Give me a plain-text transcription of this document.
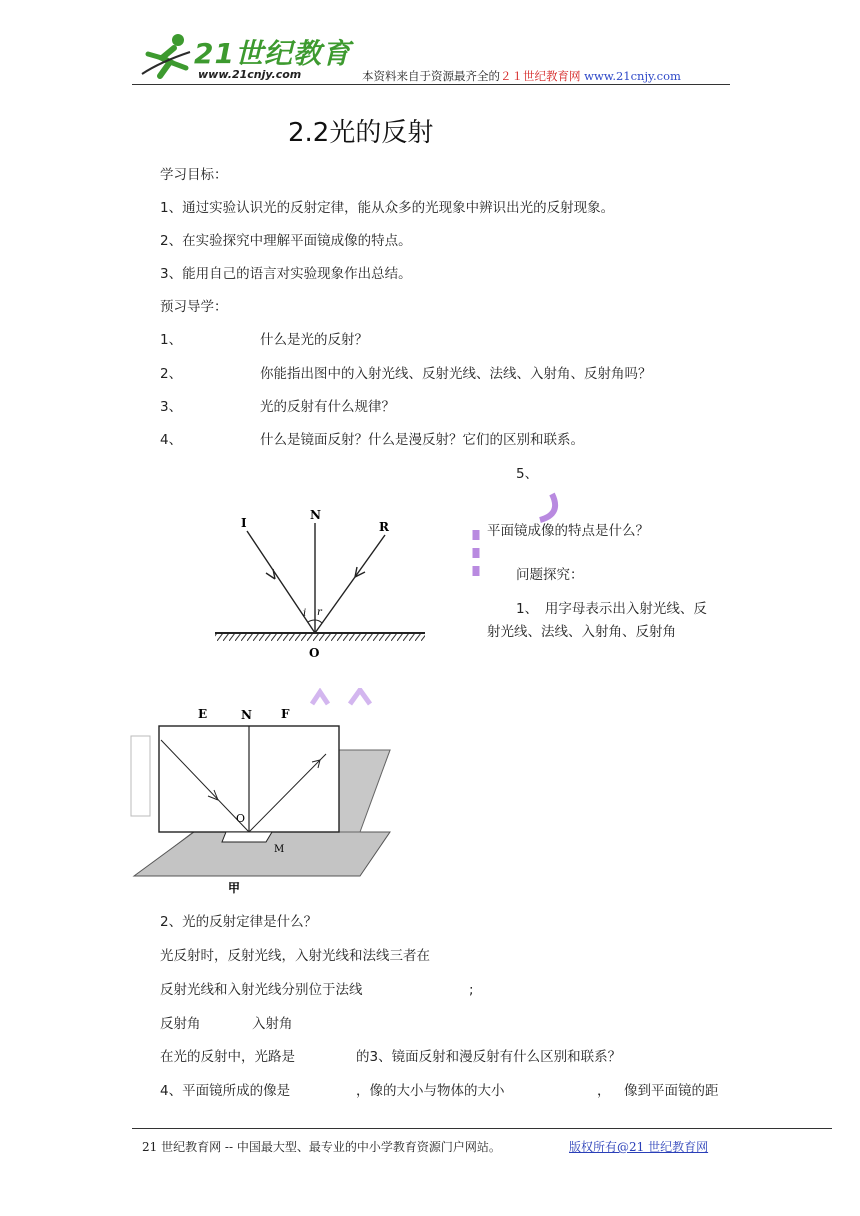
21世纪教育
www.21cnjy.com	本资料来自于资源最齐全的２１世纪教育网 www.21cnjy.com
2.2光的反射
学习目标：
1、通过实验认识光的反射定律，能从众多的光现象中辨识出光的反射现象。
2、在实验探究中理解平面镜成像的特点。
3、能用自己的语言对实验现象作出总结。
预习导学：
1、	什么是光的反射？
2、	你能指出图中的入射光线、反射光线、法线、入射角、反射角吗？
3、	光的反射有什么规律？
4、	什么是镜面反射？什么是漫反射？它们的区别和联系。
5、
平面镜成像的特点是什么？
问题探究：
1、　用字母表示出入射光线、反
射光线、法线、入射角、反射角
I
N
R
i r
O
E	N F
O
M
甲
2、光的反射定律是什么？
光反射时，反射光线，入射光线和法线三者在
反射光线和入射光线分别位于法线	;
反射角	入射角
在光的反射中，光路是	的3、镜面反射和漫反射有什么区别和联系？
4、平面镜所成的像是	，像的大小与物体的大小	， 像到平面镜的距
21 世纪教育网 -- 中国最大型、最专业的中小学教育资源门户网站。	版权所有@21 世纪教育网
